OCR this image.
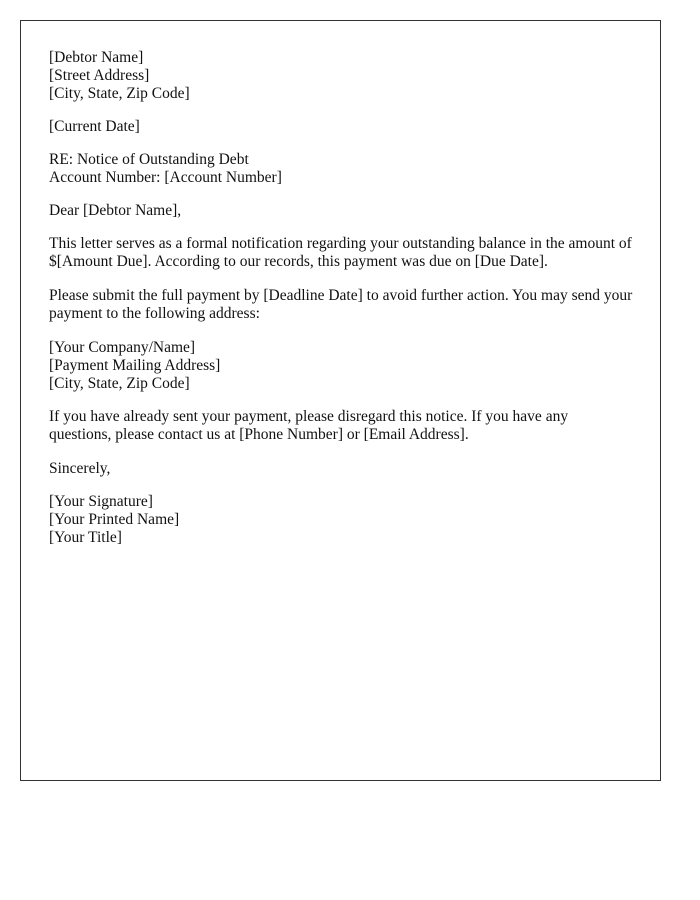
[Debtor Name]
[Street Address]
[City, State, Zip Code]
[Current Date]
RE: Notice of Outstanding Debt
Account Number: [Account Number]
Dear [Debtor Name],

This letter serves as a formal notification regarding your outstanding balance in the amount of $[Amount Due]. According to our records, this payment was due on [Due Date].

Please submit the full payment by [Deadline Date] to avoid further action. You may send your payment to the following address:

[Your Company/Name]
[Payment Mailing Address]
[City, State, Zip Code]

If you have already sent your payment, please disregard this notice. If you have any questions, please contact us at [Phone Number] or [Email Address].

Sincerely,
[Your Signature]
[Your Printed Name]
[Your Title]
